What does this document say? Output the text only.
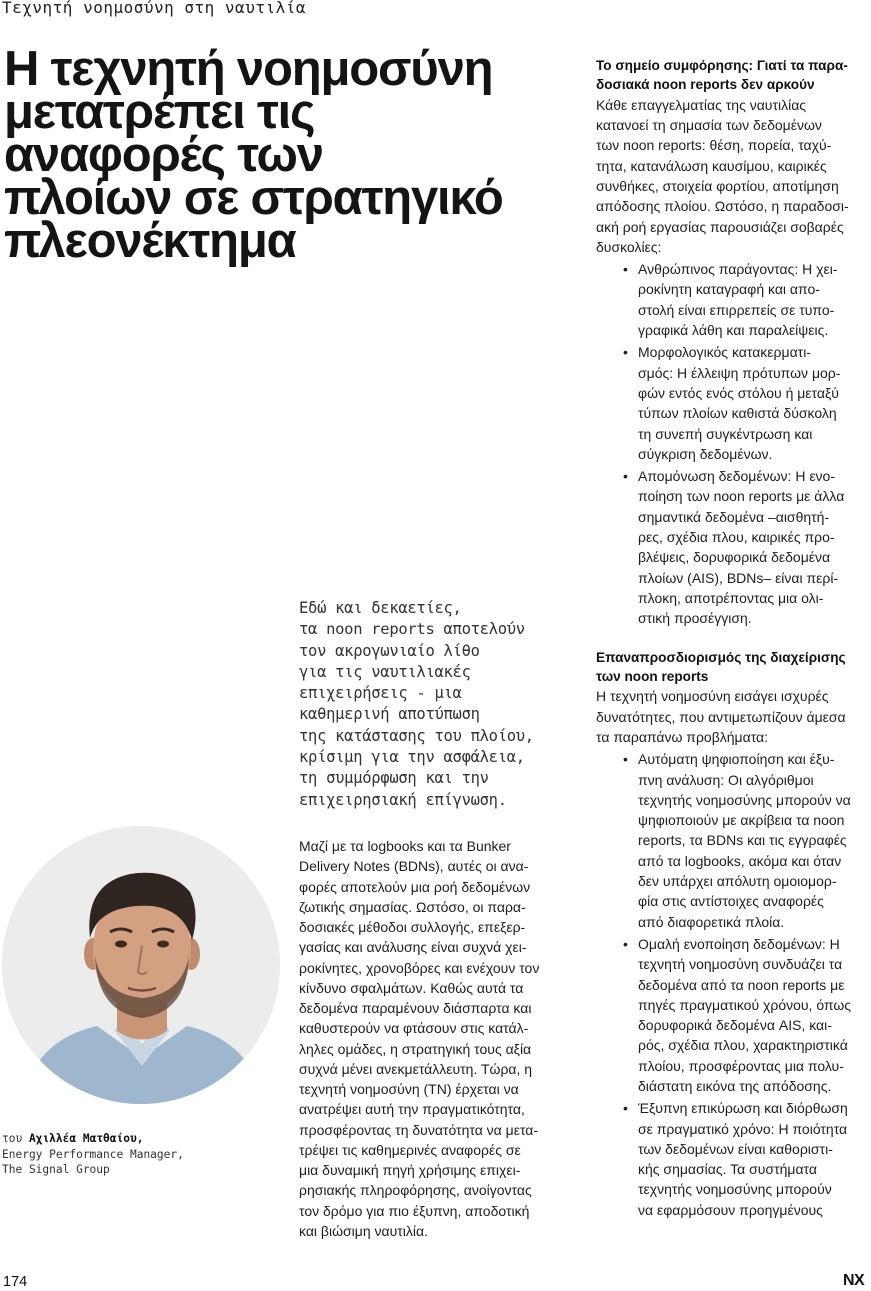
Τεχνητή νοημοσύνη στη ναυτιλία
Η τεχνητή νοημοσύνη
μετατρέπει τις
αναφορές των
πλοίων σε στρατηγικό
πλεονέκτημα
Εδώ και δεκαετίες,
τα noon reports αποτελούν
τον ακρογωνιαίο λίθο
για τις ναυτιλιακές
επιχειρήσεις - μια
καθημερινή αποτύπωση
της κατάστασης του πλοίου,
κρίσιμη για την ασφάλεια,
τη συμμόρφωση και την
επιχειρησιακή επίγνωση.
του Αχιλλέα Ματθαίου,
Energy Performance Manager,
The Signal Group
Μαζί με τα logbooks και τα Bunker
Delivery Notes (BDNs), αυτές οι ανα-
φορές αποτελούν μια ροή δεδομένων
ζωτικής σημασίας. Ωστόσο, οι παρα-
δοσιακές μέθοδοι συλλογής, επεξερ-
γασίας και ανάλυσης είναι συχνά χει-
ροκίνητες, χρονοβόρες και ενέχουν τον
κίνδυνο σφαλμάτων. Καθώς αυτά τα
δεδομένα παραμένουν διάσπαρτα και
καθυστερούν να φτάσουν στις κατάλ-
ληλες ομάδες, η στρατηγική τους αξία
συχνά μένει ανεκμετάλλευτη. Τώρα, η
τεχνητή νοημοσύνη (ΤΝ) έρχεται να
ανατρέψει αυτή την πραγματικότητα,
προσφέροντας τη δυνατότητα να μετα-
τρέψει τις καθημερινές αναφορές σε
μια δυναμική πηγή χρήσιμης επιχει-
ρησιακής πληροφόρησης, ανοίγοντας
τον δρόμο για πιο έξυπνη, αποδοτική
και βιώσιμη ναυτιλία.
Το σημείο συμφόρησης: Γιατί τα παρα-
δοσιακά noon reports δεν αρκούν
Κάθε επαγγελματίας της ναυτιλίας
κατανοεί τη σημασία των δεδομένων
των noon reports: θέση, πορεία, ταχύ-
τητα, κατανάλωση καυσίμου, καιρικές
συνθήκες, στοιχεία φορτίου, αποτίμηση
απόδοσης πλοίου. Ωστόσο, η παραδοσι-
ακή ροή εργασίας παρουσιάζει σοβαρές
δυσκολίες:
• Ανθρώπινος παράγοντας: Η χει-
ροκίνητη καταγραφή και απο-
στολή είναι επιρρεπείς σε τυπο-
γραφικά λάθη και παραλείψεις.
• Μορφολογικός κατακερματι-
σμός: Η έλλειψη πρότυπων μορ-
φών εντός ενός στόλου ή μεταξύ
τύπων πλοίων καθιστά δύσκολη
τη συνεπή συγκέντρωση και
σύγκριση δεδομένων.
• Απομόνωση δεδομένων: Η ενο-
ποίηση των noon reports με άλλα
σημαντικά δεδομένα –αισθητή-
ρες, σχέδια πλου, καιρικές προ-
βλέψεις, δορυφορικά δεδομένα
πλοίων (AIS), BDNs– είναι περί-
πλοκη, αποτρέποντας μια ολι-
στική προσέγγιση.
Επαναπροσδιορισμός της διαχείρισης
των noon reports
Η τεχνητή νοημοσύνη εισάγει ισχυρές
δυνατότητες, που αντιμετωπίζουν άμεσα
τα παραπάνω προβλήματα:
• Αυτόματη ψηφιοποίηση και έξυ-
πνη ανάλυση: Οι αλγόριθμοι
τεχνητής νοημοσύνης μπορούν να
ψηφιοποιούν με ακρίβεια τα noon
reports, τα BDNs και τις εγγραφές
από τα logbooks, ακόμα και όταν
δεν υπάρχει απόλυτη ομοιομορ-
φία στις αντίστοιχες αναφορές
από διαφορετικά πλοία.
• Ομαλή ενοποίηση δεδομένων: Η
τεχνητή νοημοσύνη συνδυάζει τα
δεδομένα από τα noon reports με
πηγές πραγματικού χρόνου, όπως
δορυφορικά δεδομένα AIS, και-
ρός, σχέδια πλου, χαρακτηριστικά
πλοίου, προσφέροντας μια πολυ-
διάστατη εικόνα της απόδοσης.
• Έξυπνη επικύρωση και διόρθωση
σε πραγματικό χρόνο: Η ποιότητα
των δεδομένων είναι καθοριστι-
κής σημασίας. Τα συστήματα
τεχνητής νοημοσύνης μπορούν
να εφαρμόσουν προηγμένους
174	NX
